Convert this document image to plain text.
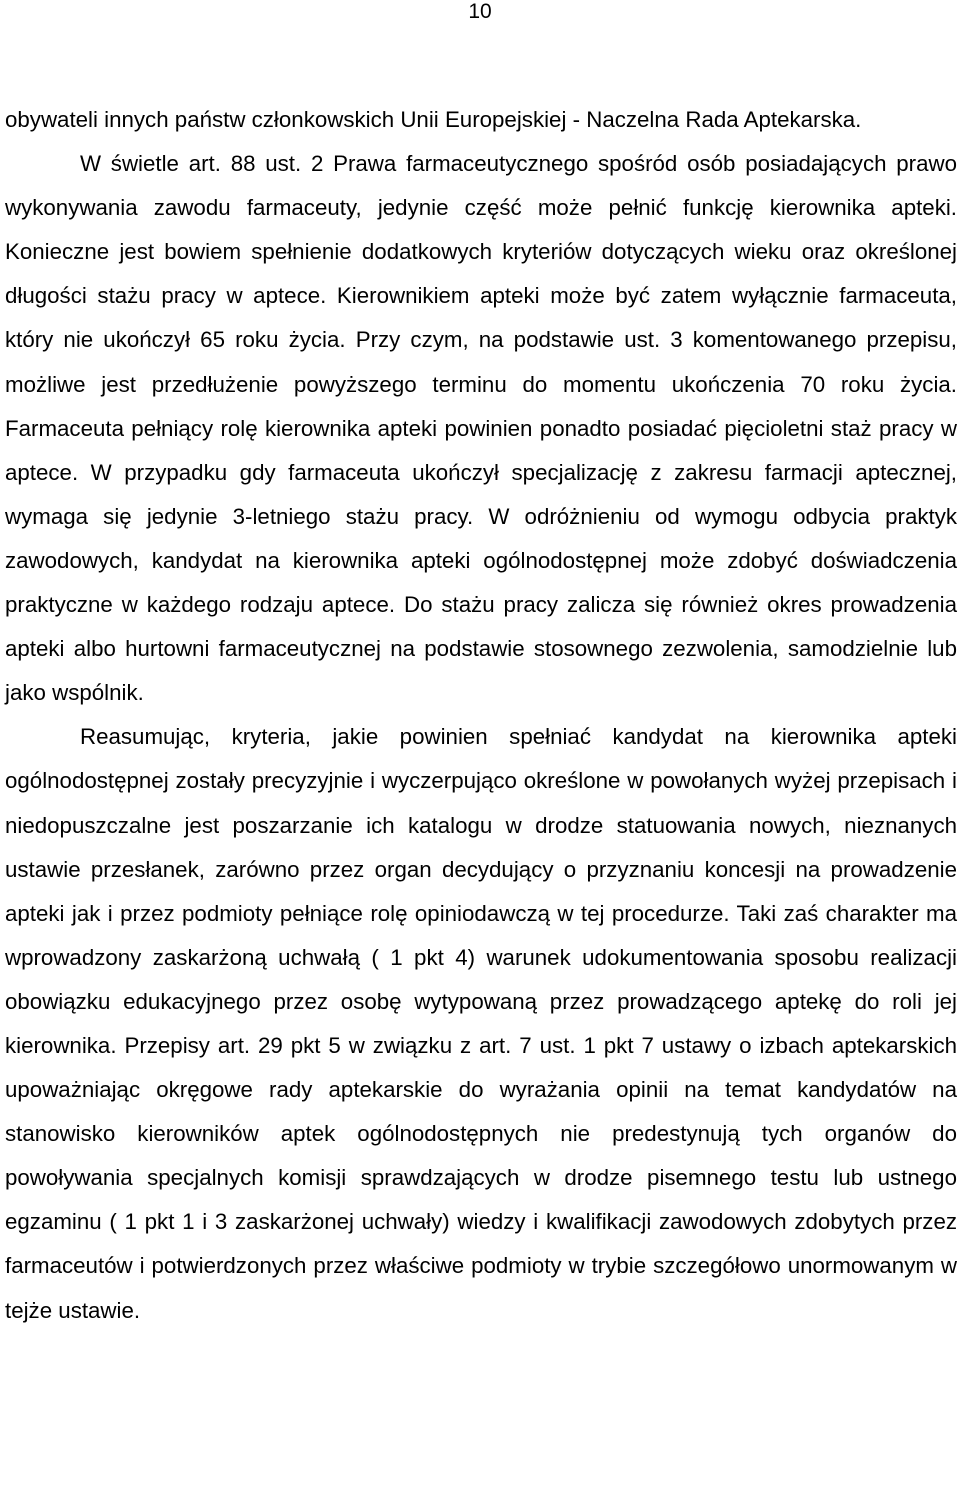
10

obywateli innych państw członkowskich Unii Europejskiej - Naczelna Rada Aptekarska.

W świetle art. 88 ust. 2 Prawa farmaceutycznego spośród osób posiadających prawo wykonywania zawodu farmaceuty, jedynie część może pełnić funkcję kierownika apteki. Konieczne jest bowiem spełnienie dodatkowych kryteriów dotyczących wieku oraz określonej długości stażu pracy w aptece. Kierownikiem apteki może być zatem wyłącznie farmaceuta, który nie ukończył 65 roku życia. Przy czym, na podstawie ust. 3 komentowanego przepisu, możliwe jest przedłużenie powyższego terminu do momentu ukończenia 70 roku życia. Farmaceuta pełniący rolę kierownika apteki powinien ponadto posiadać pięcioletni staż pracy w aptece. W przypadku gdy farmaceuta ukończył specjalizację z zakresu farmacji aptecznej, wymaga się jedynie 3-letniego stażu pracy. W odróżnieniu od wymogu odbycia praktyk zawodowych, kandydat na kierownika apteki ogólnodostępnej może zdobyć doświadczenia praktyczne w każdego rodzaju aptece. Do stażu pracy zalicza się również okres prowadzenia apteki albo hurtowni farmaceutycznej na podstawie stosownego zezwolenia, samodzielnie lub jako wspólnik.

Reasumując, kryteria, jakie powinien spełniać kandydat na kierownika apteki ogólnodostępnej zostały precyzyjnie i wyczerpująco określone w powołanych wyżej przepisach i niedopuszczalne jest poszarzanie ich katalogu w drodze statuowania nowych, nieznanych ustawie przesłanek, zarówno przez organ decydujący o przyznaniu koncesji na prowadzenie apteki jak i przez podmioty pełniące rolę opiniodawczą w tej procedurze. Taki zaś charakter ma wprowadzony zaskarżoną uchwałą ( 1 pkt 4) warunek udokumentowania sposobu realizacji obowiązku edukacyjnego przez osobę wytypowaną przez prowadzącego aptekę do roli jej kierownika. Przepisy art. 29 pkt 5 w związku z art. 7 ust. 1 pkt 7 ustawy o izbach aptekarskich upoważniając okręgowe rady aptekarskie do wyrażania opinii na temat kandydatów na stanowisko kierowników aptek ogólnodostępnych nie predestynują tych organów do powoływania specjalnych komisji sprawdzających w drodze pisemnego testu lub ustnego egzaminu ( 1 pkt 1 i 3 zaskarżonej uchwały) wiedzy i kwalifikacji zawodowych zdobytych przez farmaceutów i potwierdzonych przez właściwe podmioty w trybie szczegółowo unormowanym w tejże ustawie.
